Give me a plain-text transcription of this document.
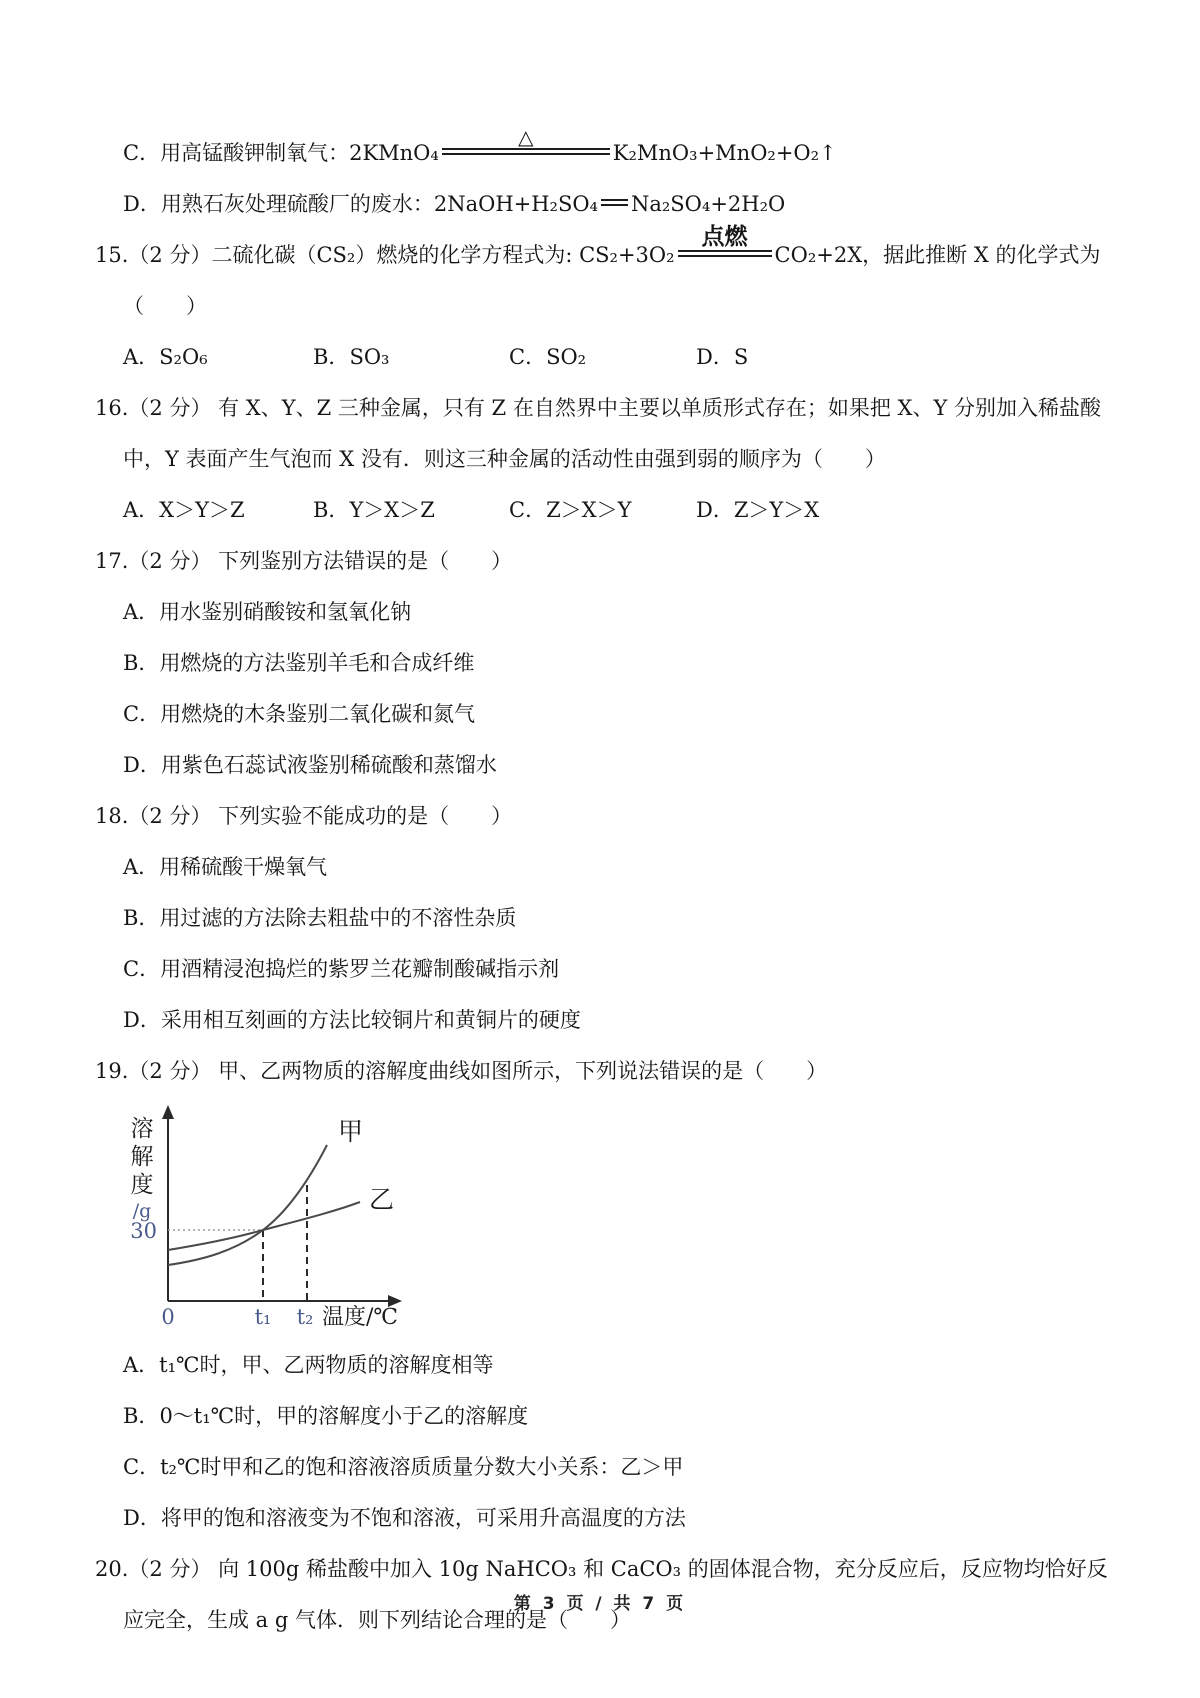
C．用高锰酸钾制氧气：2KMnO₄
△
K₂MnO₃+MnO₂+O₂↑

D．用熟石灰处理硫酸厂的废水：2NaOH+H₂SO₄ Na₂SO₄+2H₂O

15.（2 分）二硫化碳（CS₂）燃烧的化学方程式为: CS₂+3O₂
点燃
CO₂+2X，据此推断 X 的化学式为（　　）

A．S₂O₆	B．SO₃	C．SO₂	D．S

16.（2 分） 有 X、Y、Z 三种金属，只有 Z 在自然界中主要以单质形式存在；如果把 X、Y 分别加入稀盐酸中，Y 表面产生气泡而 X 没有．则这三种金属的活动性由强到弱的顺序为（　　）

A．X＞Y＞Z	B．Y＞X＞Z	C．Z＞X＞Y	D．Z＞Y＞X

17.（2 分） 下列鉴别方法错误的是（　　）

A．用水鉴别硝酸铵和氢氧化钠

B．用燃烧的方法鉴别羊毛和合成纤维

C．用燃烧的木条鉴别二氧化碳和氮气

D．用紫色石蕊试液鉴别稀硫酸和蒸馏水

18.（2 分） 下列实验不能成功的是（　　）

A．用稀硫酸干燥氧气

B．用过滤的方法除去粗盐中的不溶性杂质

C．用酒精浸泡捣烂的紫罗兰花瓣制酸碱指示剂

D．采用相互刻画的方法比较铜片和黄铜片的硬度

19.（2 分） 甲、乙两物质的溶解度曲线如图所示，下列说法错误的是（　　）

溶
解
度
/g
30
甲
乙
0	t₁ t₂ 温度/℃

A．t₁℃时，甲、乙两物质的溶解度相等

B．0～t₁℃时，甲的溶解度小于乙的溶解度

C．t₂℃时甲和乙的饱和溶液溶质质量分数大小关系：乙＞甲

D．将甲的饱和溶液变为不饱和溶液，可采用升高温度的方法

20.（2 分） 向 100g 稀盐酸中加入 10g NaHCO₃ 和 CaCO₃ 的固体混合物，充分反应后，反应物均恰好反应完全，生成 a g 气体．则下列结论合理的是（　　）

第 3 页 / 共 7 页
